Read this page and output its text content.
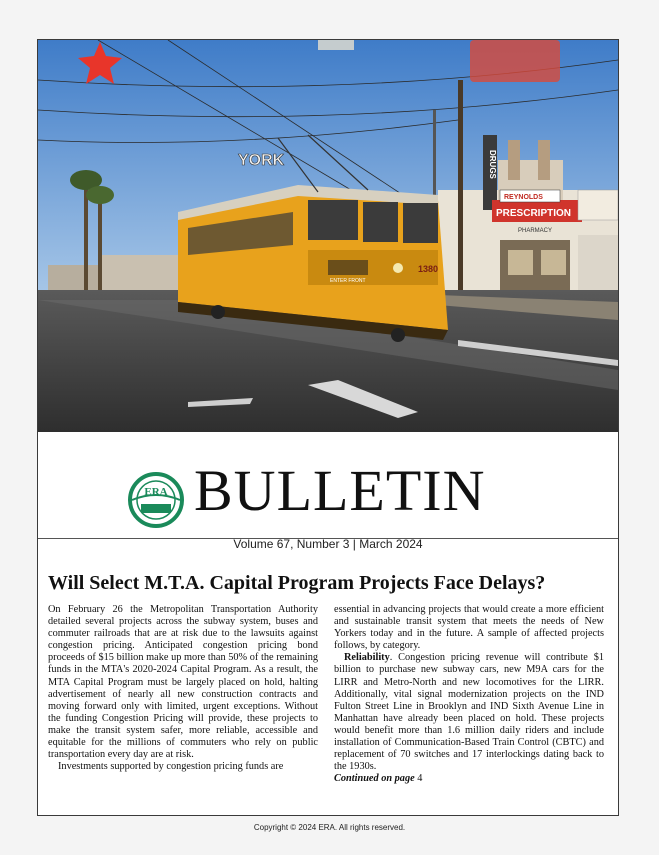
DRUGS
REYNOLDS
PRESCRIPTION
PHARMACY
YORK
1380
ENTER FRONT
ERA BULLETIN
Volume 67, Number 3 | March 2024
Will Select M.T.A. Capital Program Projects Face Delays?

On February 26 the Metropolitan Transportation Authority detailed several projects across the subway system, buses and commuter railroads that are at risk due to the lawsuits against congestion pricing. Anticipated congestion pricing bond proceeds of $15 billion make up more than 50% of the remaining funds in the MTA's 2020-2024 Capital Program. As a result, the MTA Capital Program must be largely placed on hold, halting advertisement of nearly all new construction contracts and moving forward only with limited, urgent exceptions. Without the funding Congestion Pricing will provide, these projects to make the transit system safer, more reliable, accessible and equitable for the millions of commuters who rely on public transportation every day are at risk.

Investments supported by congestion pricing funds are

essential in advancing projects that would create a more efficient and sustainable transit system that meets the needs of New Yorkers today and in the future. A sample of affected projects follows, by category.

Reliability. Congestion pricing revenue will contribute $1 billion to purchase new subway cars, new M9A cars for the LIRR and Metro-North and new locomotives for the LIRR. Additionally, vital signal modernization projects on the IND Fulton Street Line in Brooklyn and IND Sixth Avenue Line in Manhattan have already been placed on hold. These projects would benefit more than 1.6 million daily riders and include installation of Communication-Based Train Control (CBTC) and replacement of 70 switches and 17 interlockings dating back to the 1930s.

Continued on page 4

Copyright © 2024 ERA. All rights reserved.
